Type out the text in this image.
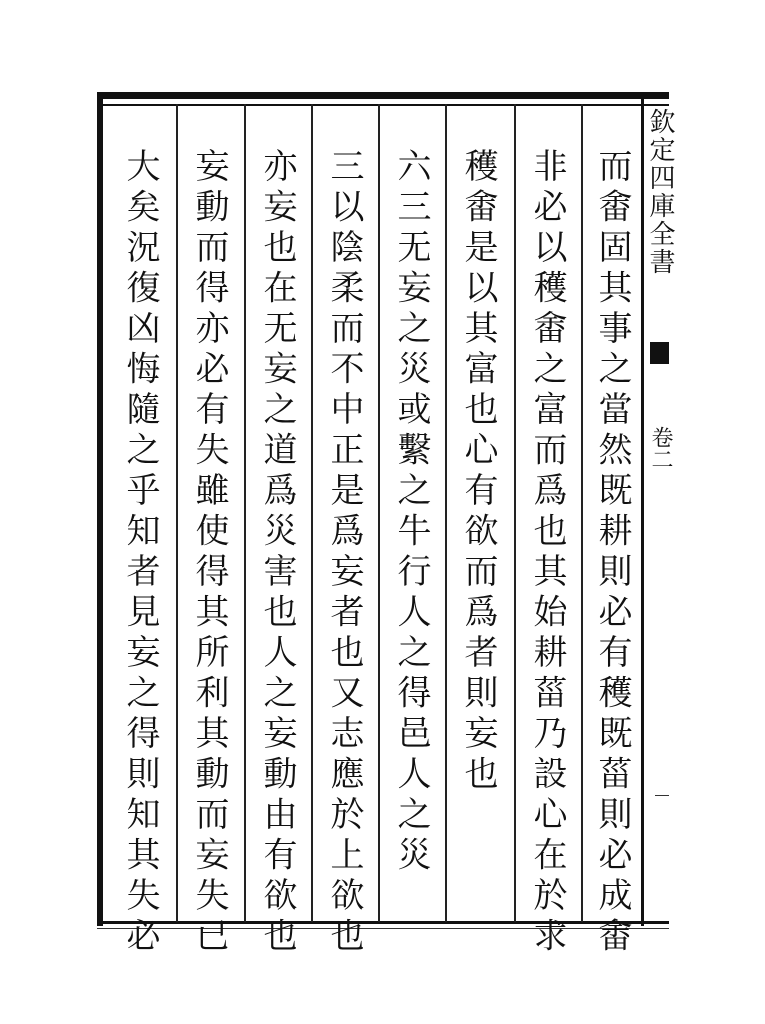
欽定四庫全書
卷二
而畬固其事之當然既耕則必有穫既菑則必成畬
非必以穫畬之富而爲也其始耕菑乃設心在於求
穫畬是以其富也心有欲而爲者則妄也
六三无妄之災或繫之牛行人之得邑人之災
三以陰柔而不中正是爲妄者也又志應於上欲也
亦妄也在无妄之道爲災害也人之妄動由有欲也
妄動而得亦必有失雖使得其所利其動而妄失已
大矣況復凶悔隨之乎知者見妄之得則知其失必
